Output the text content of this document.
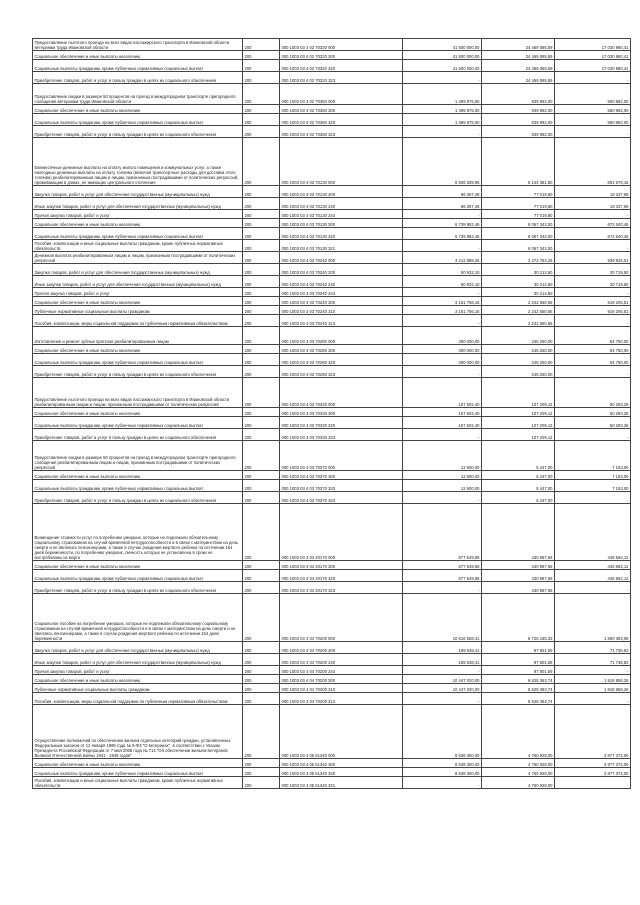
Предоставление льготного проезда на всех видах пассажирского транспорта в Ивановской области ветеранам труда Ивановской области	200	000 1003 03 4 02 70320 000	41 500 000,00	24 469 065,59	17 030 980,41
Социальное обеспечение и иные выплаты населению	200	000 1003 03 4 02 70320 300	41 500 000,00	24 469 065,59	17 030 980,41
Социальные выплаты гражданам, кроме публичных нормативных социальных выплат	200	000 1003 03 4 02 70320 320	41 500 000,00	24 469 065,59	17 030 980,41
Приобретение товаров, работ и услуг в пользу граждан в целях их социального обеспечения	200	000 1003 03 4 02 70320 323	-	24 469 065,59	-
Предоставление скидки в размере 50 процентов на проезд в междугородном транспорте пригородного сообщения ветеранам труда Ивановской области	200	000 1003 03 4 02 70360 000	1 499 875,00	939 992,00	560 882,00
Социальное обеспечение и иные выплаты населению	200	000 1003 03 4 02 70360 300	1 499 875,00	939 992,00	560 882,00
Социальные выплаты гражданам, кроме публичных нормативных социальных выплат	200	000 1003 03 4 02 70360 320	1 499 875,00	939 992,00	560 882,00
Приобретение товаров, работ и услуг в пользу граждан в целях их социального обеспечения	200	000 1003 03 4 02 70360 323	-	939 992,00	-
Ежемесячные денежные выплаты на оплату жилого помещения и коммунальных услуг, а также ежегодные денежные выплаты на оплату топлива (включая транспортные расходы для доставки этого топлива) реабилитированным лицам и лицам, признанным пострадавшими от политических репрессий, проживающим в домах, не имеющих центрального отопления	200	000 1003 03 4 03 70130 000	6 836 339,95	6 144 361,80	691 978,15
Закупка товаров, работ и услуг для обеспечения государственных (муниципальных) нужд	200	000 1003 03 4 03 70130 200	96 357,49	77 019,80	19 337,69
Иные закупки товаров, работ и услуг для обеспечения государственных (муниципальных) нужд	200	000 1003 03 4 03 70130 240	96 357,49	77 019,80	19 337,69
Прочая закупка товаров, работ и услуг	200	000 1003 03 4 03 70130 244	-	77 019,80	-
Социальное обеспечение и иные выплаты населению	200	000 1003 03 4 03 70130 300	6 739 982,46	6 067 342,00	672 640,46
Социальные выплаты гражданам, кроме публичных нормативных социальных выплат	200	000 1003 03 4 03 70130 320	6 739 982,46	6 067 342,00	672 640,46
Пособия, компенсации и иные социальные выплаты гражданам, кроме публичных нормативных обязательств	200	000 1003 03 4 03 70130 321	-	6 067 342,00	-
Денежная выплата реабилитированным лицам и лицам, признанным пострадавшими от политических репрессий	200	000 1003 03 4 03 70240 000	3 212 888,26	2 272 763,25	939 925,01
Закупка товаров, работ и услуг для обеспечения государственных (муниципальных) нужд	200	000 1003 03 4 03 70240 200	50 932,10	30 212,60	20 719,50
Иные закупки товаров, работ и услуг для обеспечения государственных (муниципальных) нужд	200	000 1003 03 4 03 70240 240	50 932,10	30 212,60	20 719,50
Прочая закупка товаров, работ и услуг	200	000 1003 03 4 03 70240 244	-	30 212,60	-
Социальное обеспечение и иные выплаты населению	200	000 1003 03 4 03 70240 300	3 161 756,16	2 242 550,65	919 205,51
Публичные нормативные социальные выплаты гражданам	200	000 1003 03 4 03 70240 310	3 161 756,16	2 242 550,65	919 205,51
Пособия, компенсации, меры социальной поддержки по публичным нормативным обязательствам	200	000 1003 03 4 03 70240 313	-	2 242 550,65	-
Изготовление и ремонт зубных протезов реабилитированным лицам	200	000 1003 03 4 03 70280 000	300 000,00	245 250,00	54 750,00
Социальное обеспечение и иные выплаты населению	200	000 1003 03 4 03 70280 300	300 000,00	245 250,00	54 750,00
Социальные выплаты гражданам, кроме публичных нормативных социальных выплат	200	000 1003 03 4 03 70280 320	300 000,00	245 250,00	54 750,00
Приобретение товаров, работ и услуг в пользу граждан в целях их социального обеспечения	200	000 1003 03 4 03 70280 323	-	245 250,00	-
Предоставление льготного проезда на всех видах пассажирского транспорта в Ивановской области реабилитированным лицам и лицам, признанным пострадавшими от политических репрессий	200	000 1003 03 4 03 70330 000	157 502,40	107 209,12	50 293,28
Социальное обеспечение и иные выплаты населению	200	000 1003 03 4 03 70330 300	157 502,40	107 209,12	50 293,28
Социальные выплаты гражданам, кроме публичных нормативных социальных выплат	200	000 1003 03 4 03 70330 320	157 502,40	107 209,12	50 293,28
Приобретение товаров, работ и услуг в пользу граждан в целях их социального обеспечения	200	000 1003 03 4 03 70330 323	-	107 209,12	-
Предоставление скидки в размере 50 процентов на проезд в междугородном транспорте пригородного сообщения реабилитированным лицам и лицам, признанным пострадавшими от политических репрессий	200	000 1003 03 4 03 70370 000	12 600,00	5 447,00	7 153,00
Социальное обеспечение и иные выплаты населению	200	000 1003 03 4 03 70370 300	12 600,00	5 447,00	7 153,00
Социальные выплаты гражданам, кроме публичных нормативных социальных выплат	200	000 1003 03 4 03 70370 320	12 600,00	5 447,00	7 153,00
Приобретение товаров, работ и услуг в пользу граждан в целях их социального обеспечения	200	000 1003 03 4 03 70370 323	-	5 447,00	-
Возмещение стоимости услуг по погребению умерших, которые не подлежали обязательному социальному страхованию на случай временной нетрудоспособности и в связи с материнством на день смерти и не являлись пенсионерами, а также в случае рождения мертвого ребенка по истечении 154 дней беременности, по погребению умерших, личность которых не установлена в сроки не востребованы из морга	200	000 1003 03 4 04 20170 000	877 549,68	430 967,56	446 582,12
Социальное обеспечение и иные выплаты населению	200	000 1003 03 4 04 20170 300	877 549,68	430 967,56	446 582,12
Социальные выплаты гражданам, кроме публичных нормативных социальных выплат	200	000 1003 03 4 04 20170 320	877 549,68	430 967,56	446 582,12
Приобретение товаров, работ и услуг в пользу граждан в целях их социального обеспечения	200	000 1003 03 4 04 20170 323	-	430 967,56	-
Социальное пособие на погребение умерших, которые не подлежали обязательному социальному страхованию на случай временной нетрудоспособности и в связи с материнством на день смерти и не являлись пенсионерами, а также в случае рождения мертвого ребенка по истечении 154 дней беременности	200	000 1003 03 4 04 70200 000	10 616 558,41	8 726 155,33	1 890 393,08
Закупка товаров, работ и услуг для обеспечения государственных (муниципальных) нужд	200	000 1003 03 4 04 70200 200	169 538,41	97 801,59	71 736,82
Иные закупки товаров, работ и услуг для обеспечения государственных (муниципальных) нужд	200	000 1003 03 4 04 70200 240	169 538,41	97 801,59	71 736,82
Прочая закупка товаров, работ и услуг	200	000 1003 03 4 04 70200 244	-	97 801,59	-
Социальное обеспечение и иные выплаты населению	200	000 1003 03 4 04 70200 300	10 447 020,00	8 628 363,74	1 818 656,26
Публичные нормативные социальные выплаты гражданам	200	000 1003 03 4 04 70200 310	10 447 020,00	8 628 363,74	1 818 656,26
Пособия, компенсации, меры социальной поддержки по публичным нормативным обязательствам	200	000 1003 03 4 04 70200 313	-	8 628 363,74	-
Осуществление полномочий по обеспечению жильем отдельных категорий граждан, установленных Федеральным законом от 12 января 1995 года № 5-ФЗ "О ветеранах", в соответствии с Указом Президента Российской Федерации от 7 мая 2008 года № 714 "Об обеспечении жильем ветеранов Великой Отечественной войны 1941 - 1945 годов"	200	000 1003 03 4 05 51340 000	8 638 300,00	4 760 928,00	3 877 372,00
Социальное обеспечение и иные выплаты населению	200	000 1003 03 4 05 51340 300	8 638 300,00	4 760 928,00	3 877 372,00
Социальные выплаты гражданам, кроме публичных нормативных социальных выплат	200	000 1003 03 4 05 51340 320	8 638 300,00	4 760 928,00	3 877 372,00
Пособия, компенсации и иные социальные выплаты гражданам, кроме публичных нормативных обязательств	200	000 1003 03 4 05 51340 321	-	4 760 928,00	-
